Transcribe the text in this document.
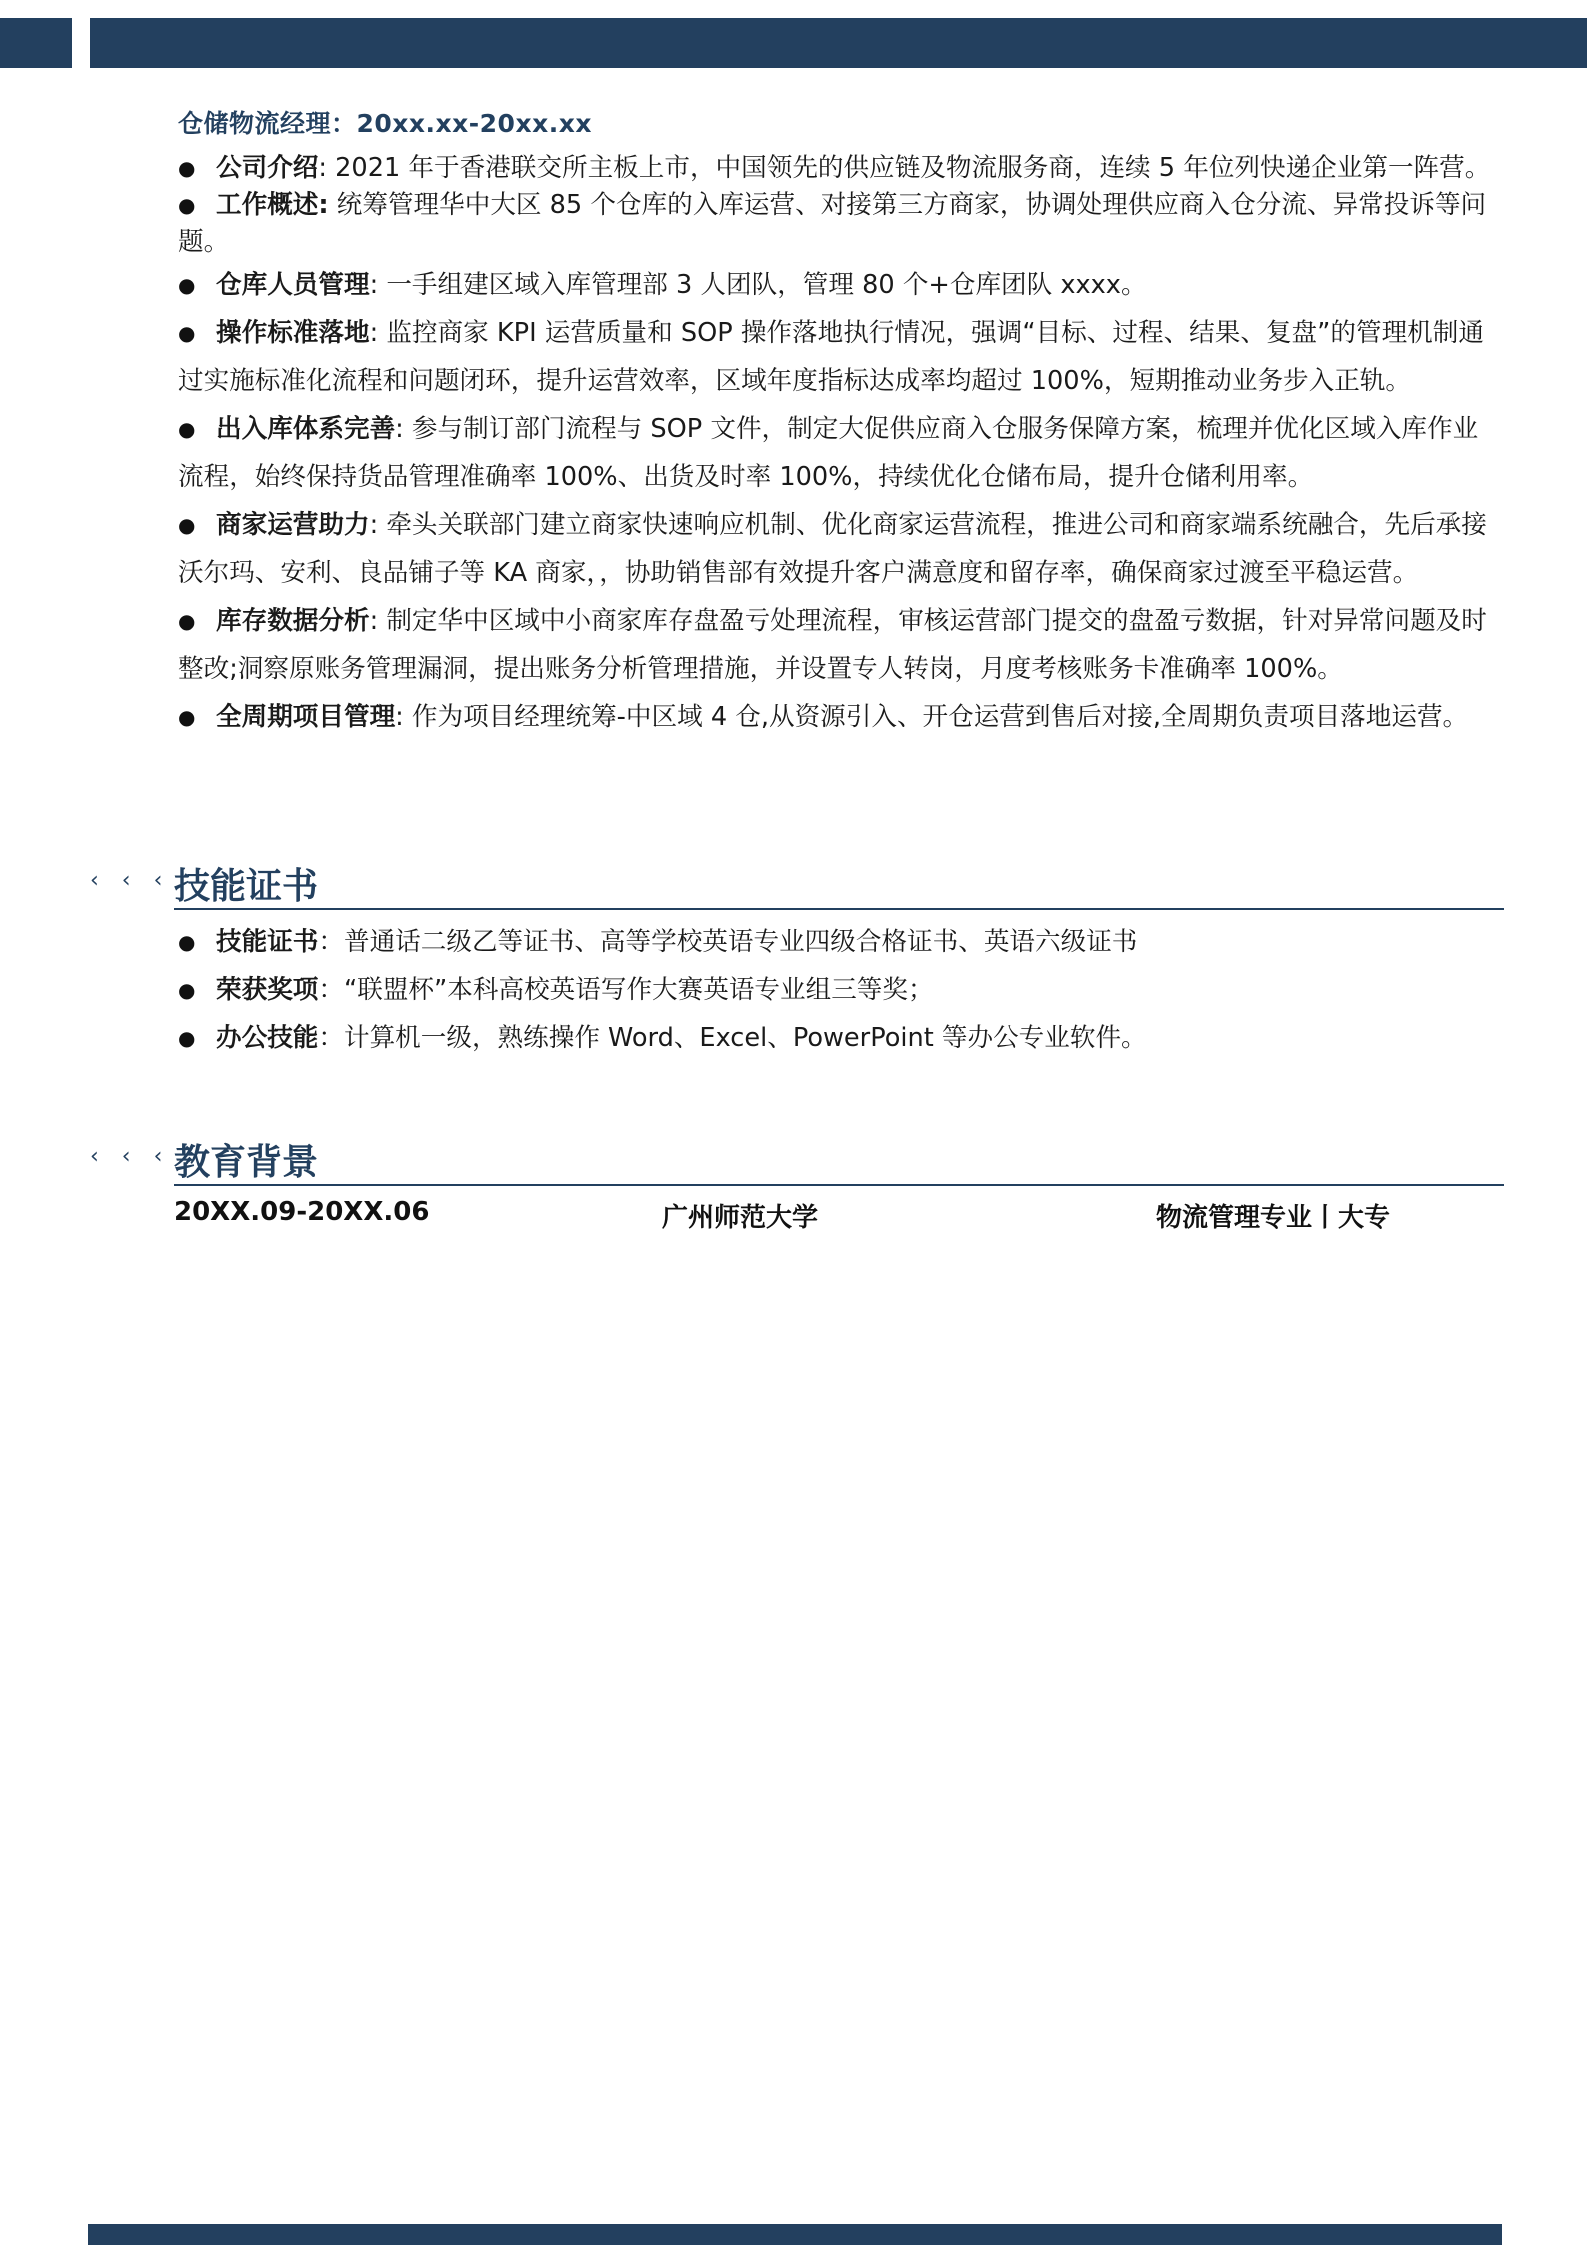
仓储物流经理：20xx.xx-20xx.xx
● 公司介绍: 2021 年于香港联交所主板上市，中国领先的供应链及物流服务商，连续 5 年位列快递企业第一阵营。
● 工作概述: 统筹管理华中大区 85 个仓库的入库运营、对接第三方商家，协调处理供应商入仓分流、异常投诉等问题。
● 仓库人员管理: 一手组建区域入库管理部 3 人团队，管理 80 个+仓库团队 xxxx。
● 操作标准落地: 监控商家 KPI 运营质量和 SOP 操作落地执行情况，强调“目标、过程、结果、复盘”的管理机制通过实施标准化流程和问题闭环，提升运营效率，区域年度指标达成率均超过 100%，短期推动业务步入正轨。
● 出入库体系完善: 参与制订部门流程与 SOP 文件，制定大促供应商入仓服务保障方案，梳理并优化区域入库作业流程，始终保持货品管理准确率 100%、出货及时率 100%，持续优化仓储布局，提升仓储利用率。
● 商家运营助力: 牵头关联部门建立商家快速响应机制、优化商家运营流程，推进公司和商家端系统融合，先后承接沃尔玛、安利、良品铺子等 KA 商家，，协助销售部有效提升客户满意度和留存率，确保商家过渡至平稳运营。
● 库存数据分析: 制定华中区域中小商家库存盘盈亏处理流程，审核运营部门提交的盘盈亏数据，针对异常问题及时整改;洞察原账务管理漏洞，提出账务分析管理措施，并设置专人转岗，月度考核账务卡准确率 100%。
● 全周期项目管理: 作为项目经理统筹-中区域 4 仓,从资源引入、开仓运营到售后对接,全周期负责项目落地运营。
‹ ‹ ‹ 技能证书
● 技能证书：普通话二级乙等证书、高等学校英语专业四级合格证书、英语六级证书
● 荣获奖项：“联盟杯”本科高校英语写作大赛英语专业组三等奖；
● 办公技能：计算机一级，熟练操作 Word、Excel、PowerPoint 等办公专业软件。
‹ ‹ ‹ 教育背景
20XX.09-20XX.06	广州师范大学	物流管理专业丨大专
